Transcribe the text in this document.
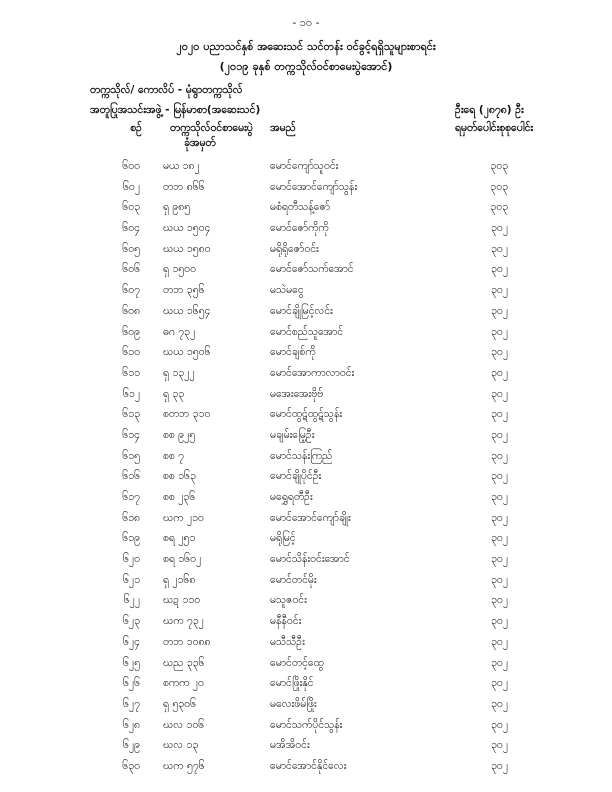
- ၁၀ -
၂၀၂၀ ပညာသင်နှစ် အဆေးသင် သင်တန်း ဝင်ခွင့်ရရှိသူများစာရင်း
(၂၀၁၉ ခုနှစ် တက္ကသိုလ်ဝင်စာမေးပွဲအောင်)
တက္ကသိုလ်/ ကောလိပ် - မုံရွာတက္ကသိုလ်
အတူပြုအသင်းအဖွဲ့ - မြန်မာစာ(အဆေးသင်)	ဦးရေ (၂၈၇၈) ဦး
စဉ်	တက္ကသိုလ်ဝင်စာမေးပွဲ
ခုံအမှတ်
အမည်	ရမှတ်ပေါင်းစုစုပေါင်း
၆၀၀ မယ ၁၈၂	မောင်ကျော်သူဝင်း	၃၀၃
၆၀၂ တဘ ၈၆၆	မောင်အောင်ကျော်သွန်း	၃၀၃
၆၀၃ ရှ ၉၈၅	မစံရတီသန့်ဇော်	၃၀၃
၆၀၄ ဃယ ၁၅၀၄	မောင်ဇော်ကိုကို	၃၀၂
၆၀၅ ဃယ ၁၅၈၀	မရိုရိုဇော်ဝင်း	၃၀၂
၆၀၆ ရှ ၁၅၀၀	မောင်ဇော်သက်အောင်	၃၀၂
၆၀၇ တဘ ၃၅၆	မသဲမငွေ	၃၀၂
၆၀၈ ဃယ ၁၆၅၄	မောင်ချိုမြင့်လင်း	၃၀၂
၆၀၉ ဓဂ ၇၃၂	မောင်စည်သူအောင်	၃၀၂
၆၁၀ ဃယ ၁၅၀၆	မောင်ချစ်ကို	၃၀၂
၆၁၁ ရှ ၁၃၂၂	မောင်အောကာလာဝင်း	၃၀၂
၆၁၂ ရှ ၃၃	မအေးအေးဗိုဗ်	၃၀၂
၆၁၃ စတဘ ၃၁၀	မောင်ထွဋ်ထွဋ်သွန်း	၃၀၂
၆၁၄ စစ ၉၂၅	မချမ်းမြေ့ဦး	၃၀၂
၆၁၅ စစ ၇	မောင်သန်းကြည်	၃၀၂
၆၁၆ စစ ၁၆၃	မောင်ချိုပိုင်ဦး	၃၀၂
၆၁၇ စစ ၂၃၆	မရွှေရတီဦး	၃၀၂
၆၁၈ ဃက ၂၁၀	မောင်အောင်ကျော်ချိုး	၃၀၂
၆၁၉ စရ ၂၅၁	မရိုမြင့်	၃၀၂
၆၂၀ စရ ၁၆၀၂	မောင်သိန်းဝင်းအောင်	၃၀၂
၆၂၁ ရှ ၂၁၆၈	မောင်တင်မိုး	၃၀၂
၆၂၂ ဃဍ ၁၁၀	မသူဇဝင်း	၃၀၂
၆၂၃ ဃက ၇၃၂	မနီနီဝင်း	၃၀၂
၆၂၄ တဘ ၁၀၈၈	မသီသီဦး	၃၀၂
၆၂၅ ဃည ၃၃၆	မောင်တင့်ထွေ	၃၀၂
၆၂၆ စကက ၂၀	မောင်ဖြိုးနိုင်	၃၀၂
၆၂၇ ရှ ၅၃၀၆	မလေးဖိမ်ဖြိုး	၃၀၂
၆၂၈ ဃလ ၁၀၆	မောင်သက်ပိုင်သွန်း	၃၀၂
၆၂၉ ဃလ ၁၃	မအိအိဝင်း	၃၀၂
၆၃၀ ဃက ၅၇၆	မောင်အောင်နိုင်လေး	၃၀၂
